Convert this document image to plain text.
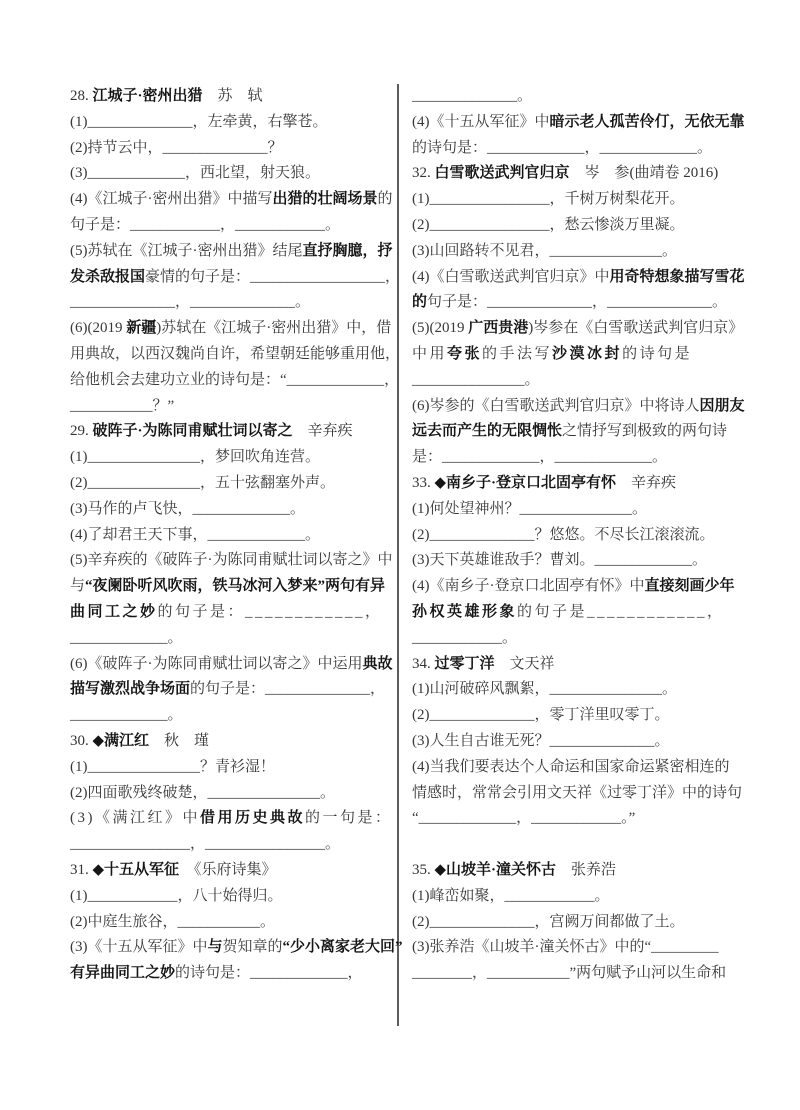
28. 江城子·密州出猎　苏　轼
(1)______________，左牵黄，右擎苍。
(2)持节云中，______________？
(3)_____________，西北望，射天狼。
(4)《江城子·密州出猎》中描写出猎的壮阔场景的
句子是：____________，____________。
(5)苏轼在《江城子·密州出猎》结尾直抒胸臆，抒
发杀敌报国豪情的句子是：__________________，
______________，______________。
(6)(2019 新疆)苏轼在《江城子·密州出猎》中，借
用典故，以西汉魏尚自许，希望朝廷能够重用他，
给他机会去建功立业的诗句是：“_____________，
___________？”
29. 破阵子·为陈同甫赋壮词以寄之　辛弃疾
(1)_______________，梦回吹角连营。
(2)_______________，五十弦翻塞外声。
(3)马作的卢飞快，_____________。
(4)了却君王天下事，_____________。
(5)辛弃疾的《破阵子·为陈同甫赋壮词以寄之》中
与“夜阑卧听风吹雨，铁马冰河入梦来”两句有异
曲同工之妙的句子是：____________，
_____________。
(6)《破阵子·为陈同甫赋壮词以寄之》中运用典故
描写激烈战争场面的句子是：______________，
_____________。
30. ◆满江红　秋　瑾
(1)_______________？青衫湿！
(2)四面歌残终破楚，_______________。
(3)《满江红》中借用历史典故的一句是：
________________，________________。
31. ◆十五从军征　《乐府诗集》
(1)____________，八十始得归。
(2)中庭生旅谷，___________。
(3)《十五从军征》中与贺知章的“少小离家老大回”
有异曲同工之妙的诗句是：_____________，
______________。
(4)《十五从军征》中暗示老人孤苦伶仃，无依无靠
的诗句是：_____________，_____________。
32. 白雪歌送武判官归京　岑　参(曲靖卷 2016)
(1)________________，千树万树梨花开。
(2)________________，愁云惨淡万里凝。
(3)山回路转不见君，_______________。
(4)《白雪歌送武判官归京》中用奇特想象描写雪花
的句子是：______________，______________。
(5)(2019 广西贵港)岑参在《白雪歌送武判官归京》
中用夸张的手法写沙漠冰封的诗句是
_______________。
(6)岑参的《白雪歌送武判官归京》中将诗人因朋友
远去而产生的无限惆怅之情抒写到极致的两句诗
是：_____________，_____________。
33. ◆南乡子·登京口北固亭有怀　辛弃疾
(1)何处望神州？_______________。
(2)______________？悠悠。不尽长江滚滚流。
(3)天下英雄谁敌手？曹刘。_____________。
(4)《南乡子·登京口北固亭有怀》中直接刻画少年
孙权英雄形象的句子是____________，
____________。
34. 过零丁洋　文天祥
(1)山河破碎风飘絮，_______________。
(2)______________，零丁洋里叹零丁。
(3)人生自古谁无死？______________。
(4)当我们要表达个人命运和国家命运紧密相连的
情感时，常常会引用文天祥《过零丁洋》中的诗句
“_____________，____________。”
35. ◆山坡羊·潼关怀古　张养浩
(1)峰峦如聚，____________。
(2)______________，宫阙万间都做了土。
(3)张养浩《山坡羊·潼关怀古》中的“_________
________，___________”两句赋予山河以生命和
